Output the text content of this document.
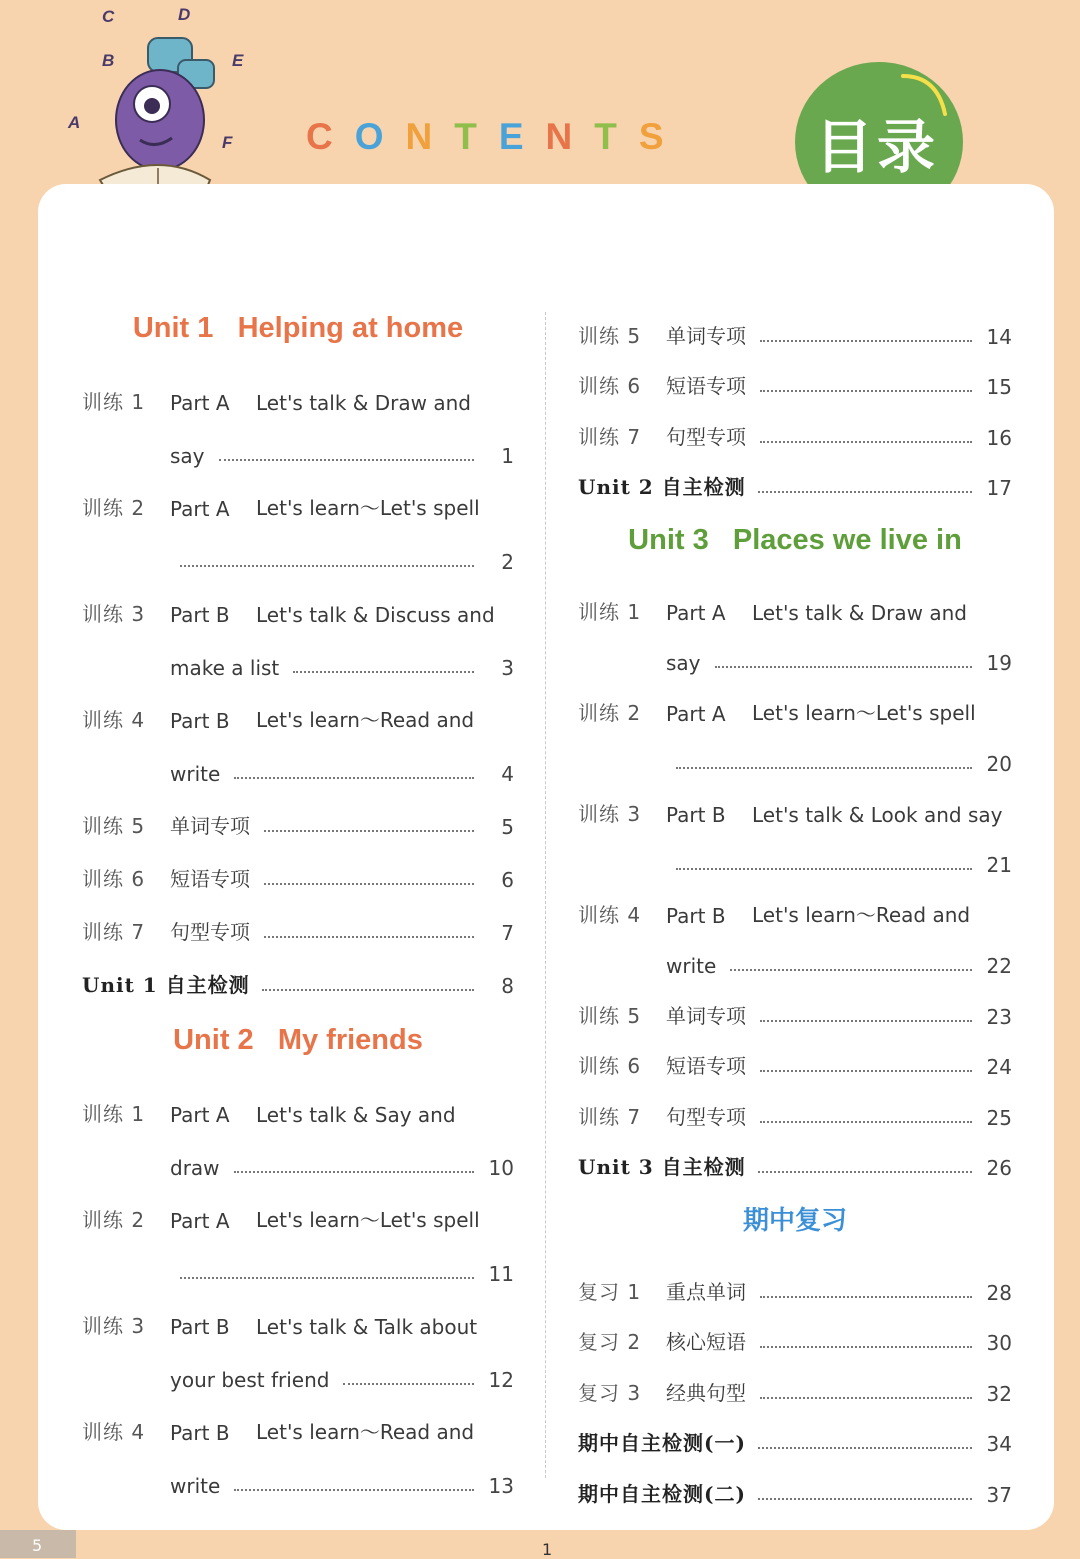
A
B
C	D
E
F C O N T E N T S 目录
Unit 1   Helping at home
训练 1	Part A	Let's talk & Draw and
say	1
训练 2	Part A	Let's learn～Let's spell
2
训练 3	Part B	Let's talk & Discuss and
make a list	3
训练 4	Part B	Let's learn～Read and
write	4
训练 5	单词专项	5
训练 6	短语专项	6
训练 7	句型专项	7
Unit 1 自主检测	8
Unit 2   My friends
训练 1	Part A	Let's talk & Say and
draw	10
训练 2	Part A	Let's learn～Let's spell
11
训练 3	Part B	Let's talk & Talk about
your best friend	12
训练 4	Part B	Let's learn～Read and
write	13
训练 5	单词专项	14
训练 6	短语专项	15
训练 7	句型专项	16
Unit 2 自主检测	17
Unit 3   Places we live in
训练 1	Part A	Let's talk & Draw and
say	19
训练 2	Part A	Let's learn～Let's spell
20
训练 3	Part B	Let's talk & Look and say
21
训练 4	Part B	Let's learn～Read and
write	22
训练 5	单词专项	23
训练 6	短语专项	24
训练 7	句型专项	25
Unit 3 自主检测	26
期中复习
复习 1	重点单词	28
复习 2	核心短语	30
复习 3	经典句型	32
期中自主检测(一)	34
期中自主检测(二)	37
1
5
